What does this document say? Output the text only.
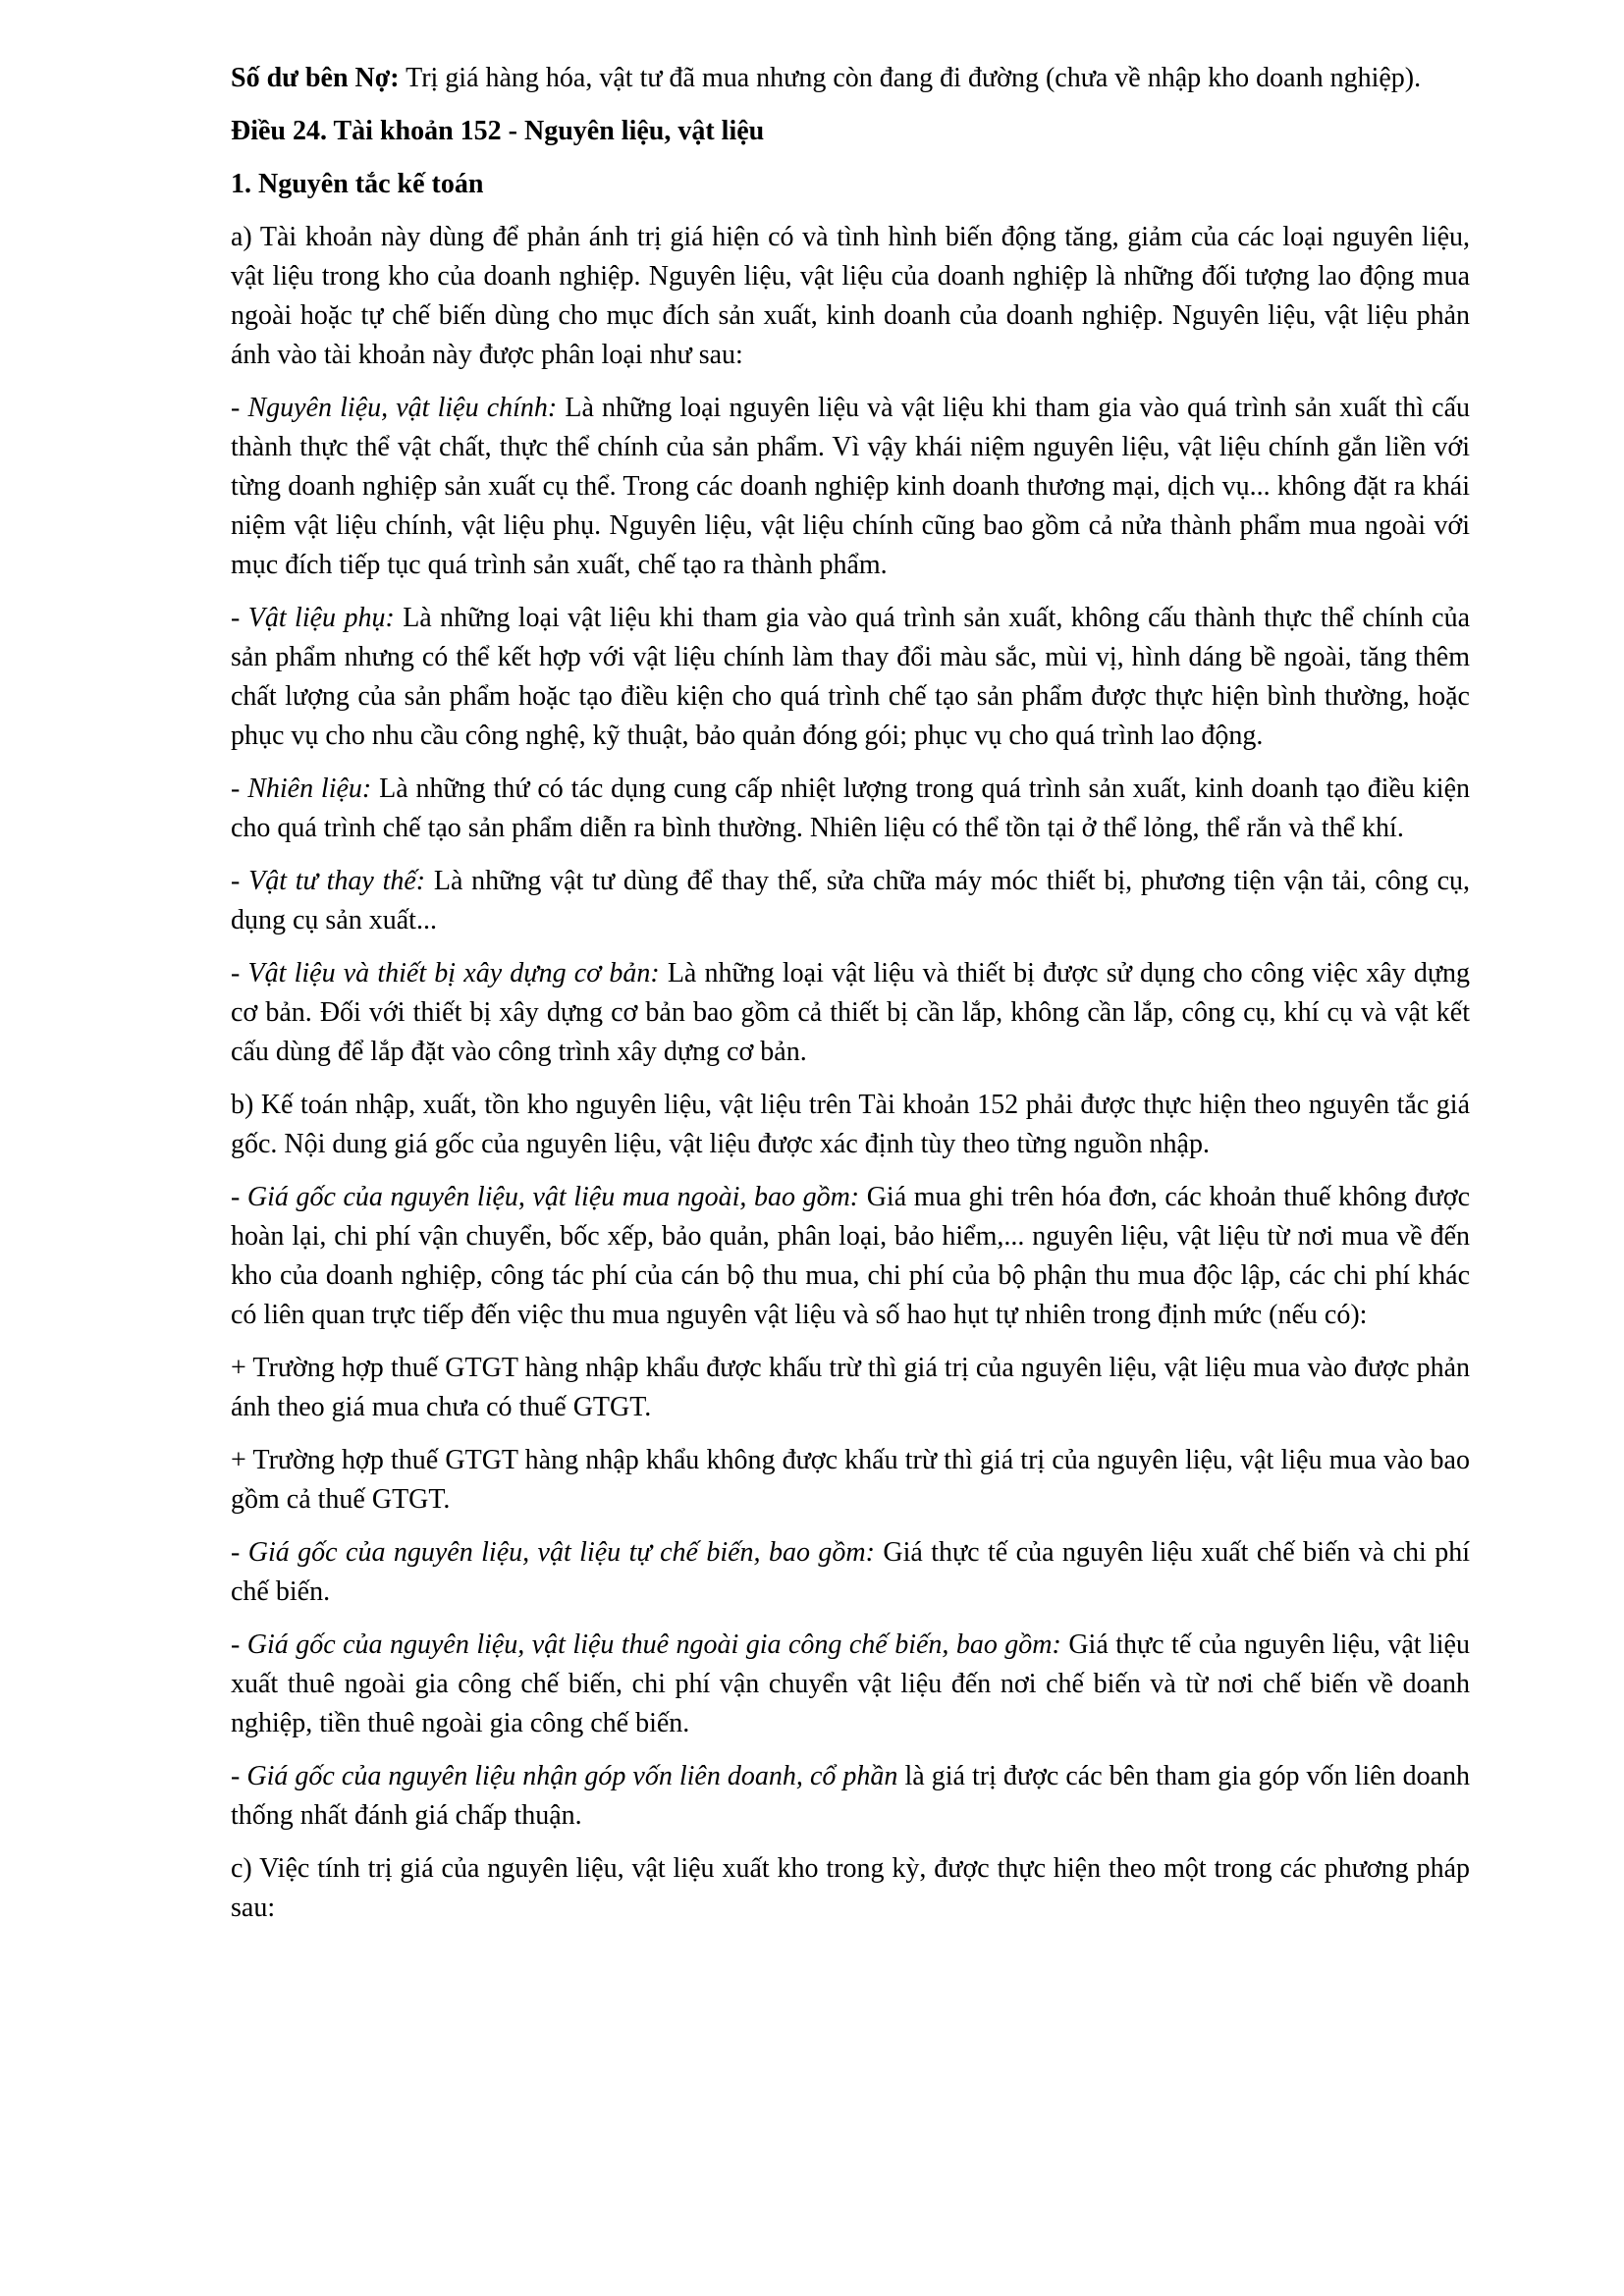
Số dư bên Nợ: Trị giá hàng hóa, vật tư đã mua nhưng còn đang đi đường (chưa về nhập kho doanh nghiệp).

Điều 24. Tài khoản 152 - Nguyên liệu, vật liệu

1. Nguyên tắc kế toán

a) Tài khoản này dùng để phản ánh trị giá hiện có và tình hình biến động tăng, giảm của các loại nguyên liệu, vật liệu trong kho của doanh nghiệp. Nguyên liệu, vật liệu của doanh nghiệp là những đối tượng lao động mua ngoài hoặc tự chế biến dùng cho mục đích sản xuất, kinh doanh của doanh nghiệp. Nguyên liệu, vật liệu phản ánh vào tài khoản này được phân loại như sau:

- Nguyên liệu, vật liệu chính: Là những loại nguyên liệu và vật liệu khi tham gia vào quá trình sản xuất thì cấu thành thực thể vật chất, thực thể chính của sản phẩm. Vì vậy khái niệm nguyên liệu, vật liệu chính gắn liền với từng doanh nghiệp sản xuất cụ thể. Trong các doanh nghiệp kinh doanh thương mại, dịch vụ... không đặt ra khái niệm vật liệu chính, vật liệu phụ. Nguyên liệu, vật liệu chính cũng bao gồm cả nửa thành phẩm mua ngoài với mục đích tiếp tục quá trình sản xuất, chế tạo ra thành phẩm.

- Vật liệu phụ: Là những loại vật liệu khi tham gia vào quá trình sản xuất, không cấu thành thực thể chính của sản phẩm nhưng có thể kết hợp với vật liệu chính làm thay đổi màu sắc, mùi vị, hình dáng bề ngoài, tăng thêm chất lượng của sản phẩm hoặc tạo điều kiện cho quá trình chế tạo sản phẩm được thực hiện bình thường, hoặc phục vụ cho nhu cầu công nghệ, kỹ thuật, bảo quản đóng gói; phục vụ cho quá trình lao động.

- Nhiên liệu: Là những thứ có tác dụng cung cấp nhiệt lượng trong quá trình sản xuất, kinh doanh tạo điều kiện cho quá trình chế tạo sản phẩm diễn ra bình thường. Nhiên liệu có thể tồn tại ở thể lỏng, thể rắn và thể khí.

- Vật tư thay thế: Là những vật tư dùng để thay thế, sửa chữa máy móc thiết bị, phương tiện vận tải, công cụ, dụng cụ sản xuất...

- Vật liệu và thiết bị xây dựng cơ bản: Là những loại vật liệu và thiết bị được sử dụng cho công việc xây dựng cơ bản. Đối với thiết bị xây dựng cơ bản bao gồm cả thiết bị cần lắp, không cần lắp, công cụ, khí cụ và vật kết cấu dùng để lắp đặt vào công trình xây dựng cơ bản.

b) Kế toán nhập, xuất, tồn kho nguyên liệu, vật liệu trên Tài khoản 152 phải được thực hiện theo nguyên tắc giá gốc. Nội dung giá gốc của nguyên liệu, vật liệu được xác định tùy theo từng nguồn nhập.

- Giá gốc của nguyên liệu, vật liệu mua ngoài, bao gồm: Giá mua ghi trên hóa đơn, các khoản thuế không được hoàn lại, chi phí vận chuyển, bốc xếp, bảo quản, phân loại, bảo hiểm,... nguyên liệu, vật liệu từ nơi mua về đến kho của doanh nghiệp, công tác phí của cán bộ thu mua, chi phí của bộ phận thu mua độc lập, các chi phí khác có liên quan trực tiếp đến việc thu mua nguyên vật liệu và số hao hụt tự nhiên trong định mức (nếu có):

+ Trường hợp thuế GTGT hàng nhập khẩu được khấu trừ thì giá trị của nguyên liệu, vật liệu mua vào được phản ánh theo giá mua chưa có thuế GTGT.

+ Trường hợp thuế GTGT hàng nhập khẩu không được khấu trừ thì giá trị của nguyên liệu, vật liệu mua vào bao gồm cả thuế GTGT.

- Giá gốc của nguyên liệu, vật liệu tự chế biến, bao gồm: Giá thực tế của nguyên liệu xuất chế biến và chi phí chế biến.

- Giá gốc của nguyên liệu, vật liệu thuê ngoài gia công chế biến, bao gồm: Giá thực tế của nguyên liệu, vật liệu xuất thuê ngoài gia công chế biến, chi phí vận chuyển vật liệu đến nơi chế biến và từ nơi chế biến về doanh nghiệp, tiền thuê ngoài gia công chế biến.

- Giá gốc của nguyên liệu nhận góp vốn liên doanh, cổ phần là giá trị được các bên tham gia góp vốn liên doanh thống nhất đánh giá chấp thuận.

c) Việc tính trị giá của nguyên liệu, vật liệu xuất kho trong kỳ, được thực hiện theo một trong các phương pháp sau:
